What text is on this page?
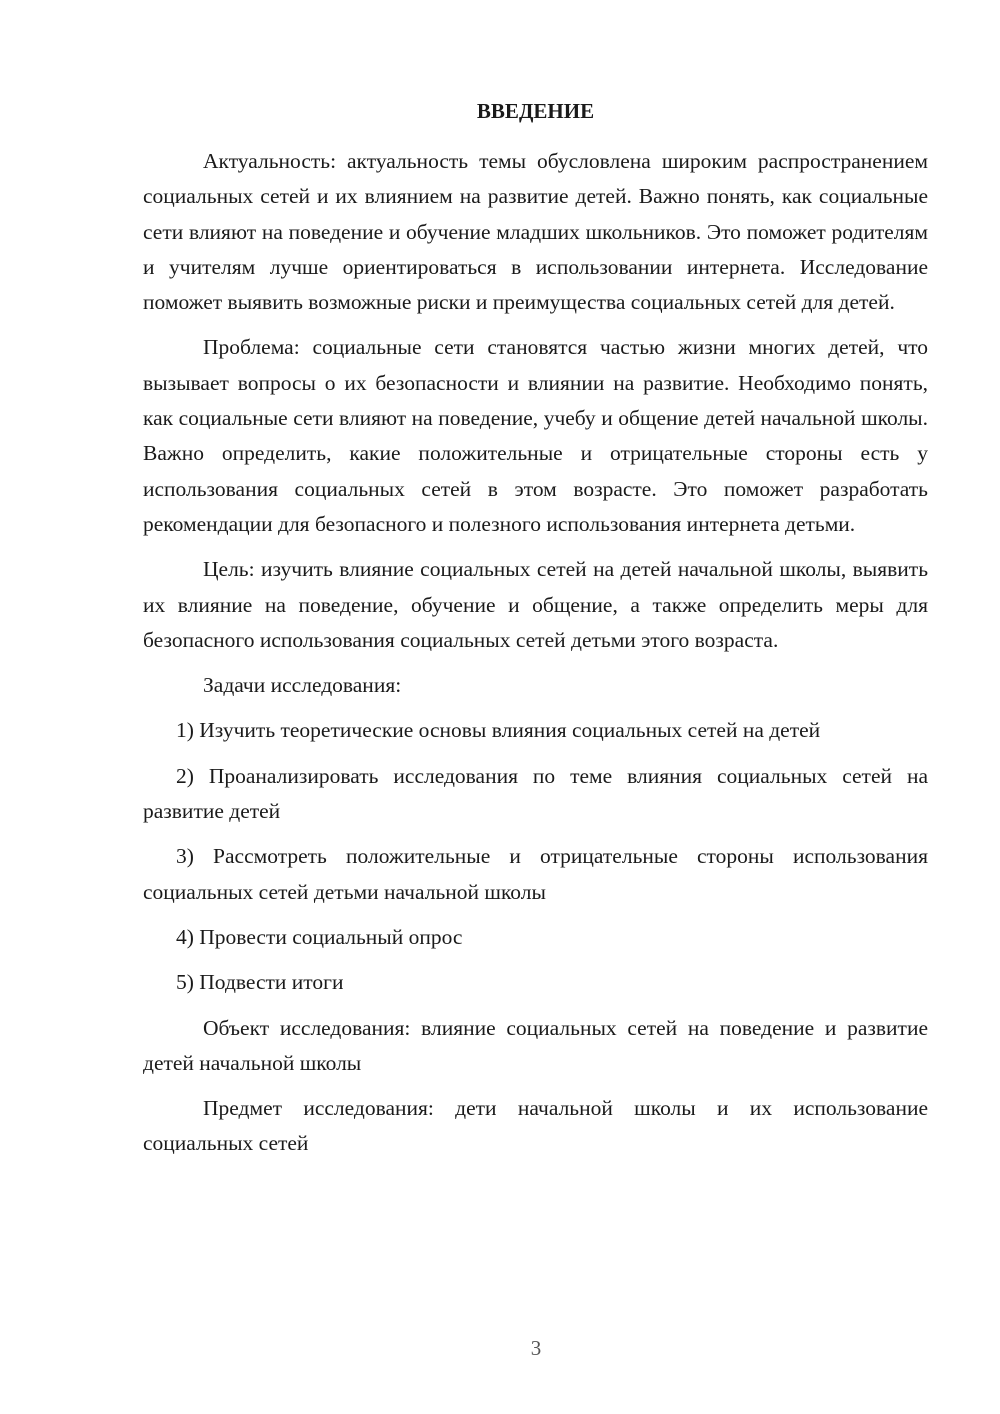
ВВЕДЕНИЕ

Актуальность: актуальность темы обусловлена широким распространением социальных сетей и их влиянием на развитие детей. Важно понять, как социальные сети влияют на поведение и обучение младших школьников. Это поможет родителям и учителям лучше ориентироваться в использовании интернета. Исследование поможет выявить возможные риски и преимущества социальных сетей для детей.

Проблема: социальные сети становятся частью жизни многих детей, что вызывает вопросы о их безопасности и влиянии на развитие. Необходимо понять, как социальные сети влияют на поведение, учебу и общение детей начальной школы. Важно определить, какие положительные и отрицательные стороны есть у использования социальных сетей в этом возрасте. Это поможет разработать рекомендации для безопасного и полезного использования интернета детьми.

Цель: изучить влияние социальных сетей на детей начальной школы, выявить их влияние на поведение, обучение и общение, а также определить меры для безопасного использования социальных сетей детьми этого возраста.

Задачи исследования:

1) Изучить теоретические основы влияния социальных сетей на детей

2) Проанализировать исследования по теме влияния социальных сетей на развитие детей

3) Рассмотреть положительные и отрицательные стороны использования социальных сетей детьми начальной школы

4) Провести социальный опрос

5) Подвести итоги

Объект исследования: влияние социальных сетей на поведение и развитие детей начальной школы

Предмет исследования: дети начальной школы и их использование социальных сетей

3
